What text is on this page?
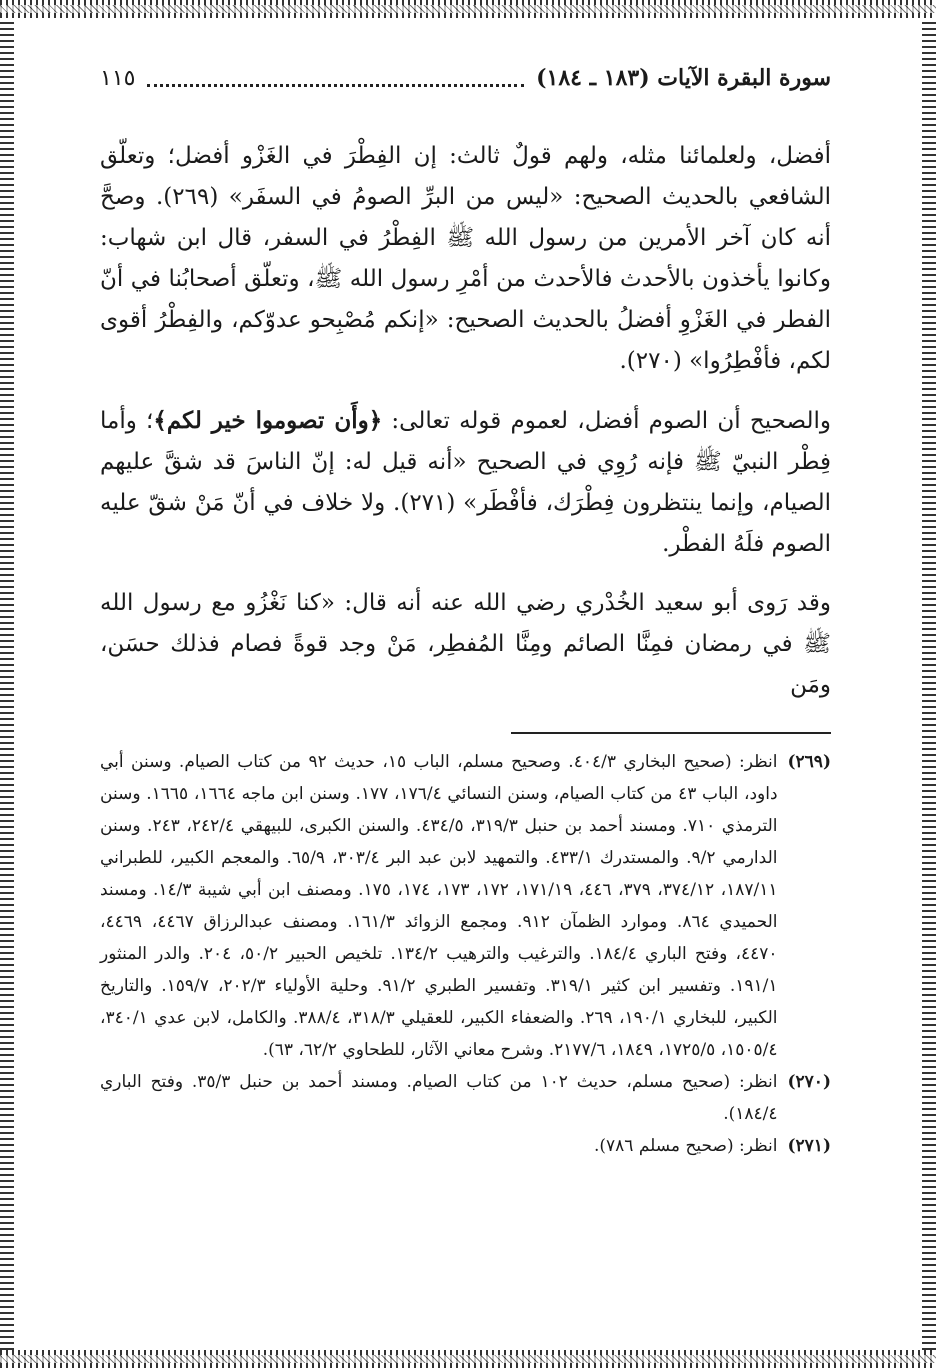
سورة البقرة الآيات (١٨٣ ـ ١٨٤)
١١٥

أفضل، ولعلمائنا مثله، ولهم قولٌ ثالث: إن الفِطْرَ في الغَزْو أفضل؛ وتعلّق الشافعي بالحديث الصحيح: «ليس من البرِّ الصومُ في السفَر» (٢٦٩). وصحَّ أنه كان آخر الأمرين من رسول الله ﷺ الفِطْرُ في السفر، قال ابن شهاب: وكانوا يأخذون بالأحدث فالأحدث من أمْرِ رسول الله ﷺ، وتعلّق أصحابُنا في أنّ الفطر في الغَزْوِ أفضلُ بالحديث الصحيح: «إنكم مُصْبِحو عدوّكم، والفِطْرُ أقوى لكم، فأفْطِرُوا» (٢٧٠).

والصحيح أن الصوم أفضل، لعموم قوله تعالى: ﴿وأَن تصوموا خير لكم﴾؛ وأما فِطْر النبيّ ﷺ فإنه رُوِي في الصحيح «أنه قيل له: إنّ الناسَ قد شقَّ عليهم الصيام، وإنما ينتظرون فِطْرَك، فأفْطَر» (٢٧١). ولا خلاف في أنّ مَنْ شقّ عليه الصوم فلَهُ الفطْر.

وقد رَوى أبو سعيد الخُدْري رضي الله عنه أنه قال: «كنا نَغْزُو مع رسول الله ﷺ في رمضان فمِنَّا الصائم ومِنَّا المُفطِر، مَنْ وجد قوةً فصام فذلك حسَن، ومَن

(٢٦٩)
انظر: (صحيح البخاري ٤٠٤/٣. وصحيح مسلم، الباب ١٥، حديث ٩٢ من كتاب الصيام. وسنن أبي داود، الباب ٤٣ من كتاب الصيام، وسنن النسائي ١٧٦/٤، ١٧٧. وسنن ابن ماجه ١٦٦٤، ١٦٦٥. وسنن الترمذي ٧١٠. ومسند أحمد بن حنبل ٣١٩/٣، ٤٣٤/٥. والسنن الكبرى، للبيهقي ٢٤٢/٤، ٢٤٣. وسنن الدارمي ٩/٢. والمستدرك ٤٣٣/١. والتمهيد لابن عبد البر ٣٠٣/٤، ٦٥/٩. والمعجم الكبير، للطبراني ١٨٧/١١، ٣٧٤/١٢، ٣٧٩، ٤٤٦، ١٧١/١٩، ١٧٢، ١٧٣، ١٧٤، ١٧٥. ومصنف ابن أبي شيبة ١٤/٣. ومسند الحميدي ٨٦٤. وموارد الظمآن ٩١٢. ومجمع الزوائد ١٦١/٣. ومصنف عبدالرزاق ٤٤٦٧، ٤٤٦٩، ٤٤٧٠، وفتح الباري ١٨٤/٤. والترغيب والترهيب ١٣٤/٢. تلخيص الحبير ٥٠/٢، ٢٠٤. والدر المنثور ١٩١/١. وتفسير ابن كثير ٣١٩/١. وتفسير الطبري ٩١/٢. وحلية الأولياء ٢٠٢/٣، ١٥٩/٧. والتاريخ الكبير، للبخاري ١٩٠/١، ٢٦٩. والضعفاء الكبير، للعقيلي ٣١٨/٣، ٣٨٨/٤. والكامل، لابن عدي ٣٤٠/١، ١٥٠٥/٤، ١٧٢٥/٥، ١٨٤٩، ٢١٧٧/٦. وشرح معاني الآثار، للطحاوي ٦٢/٢، ٦٣).
(٢٧٠)
انظر: (صحيح مسلم، حديث ١٠٢ من كتاب الصيام. ومسند أحمد بن حنبل ٣٥/٣. وفتح الباري ١٨٤/٤).
(٢٧١)
انظر: (صحيح مسلم ٧٨٦).
